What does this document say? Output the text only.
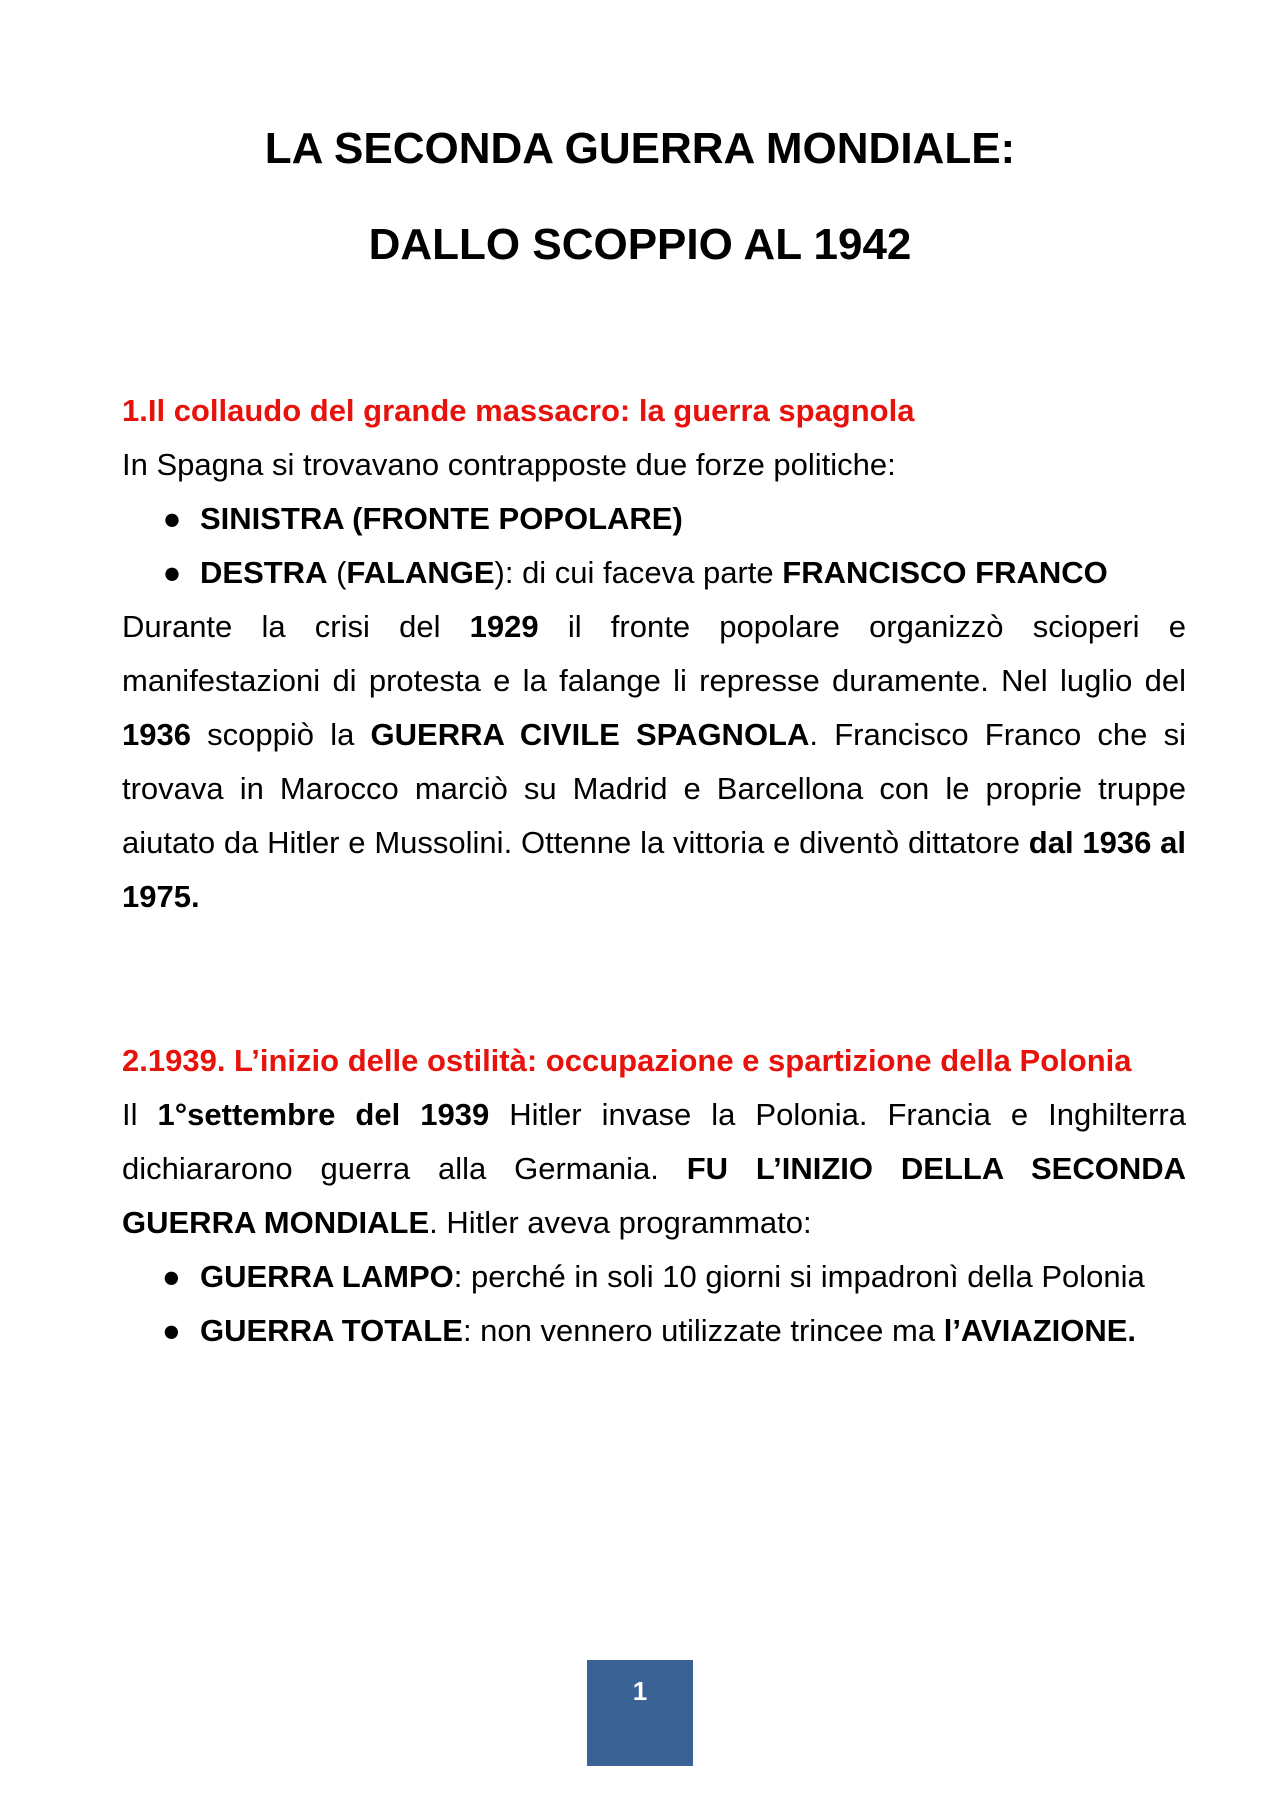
LA SECONDA GUERRA MONDIALE:
DALLO SCOPPIO AL 1942
1.Il collaudo del grande massacro: la guerra spagnola

In Spagna si trovavano contrapposte due forze politiche:

● SINISTRA (FRONTE POPOLARE)
● DESTRA (FALANGE): di cui faceva parte FRANCISCO FRANCO

Durante la crisi del 1929 il fronte popolare organizzò scioperi e manifestazioni di protesta e la falange li represse duramente. Nel luglio del 1936 scoppiò la GUERRA CIVILE SPAGNOLA. Francisco Franco che si trovava in Marocco marciò su Madrid e Barcellona con le proprie truppe aiutato da Hitler e Mussolini. Ottenne la vittoria e diventò dittatore dal 1936 al 1975.

2.1939. L’inizio delle ostilità: occupazione e spartizione della Polonia

Il 1°settembre del 1939 Hitler invase la Polonia. Francia e Inghilterra dichiararono guerra alla Germania. FU L’INIZIO DELLA SECONDA GUERRA MONDIALE. Hitler aveva programmato:

● GUERRA LAMPO: perché in soli 10 giorni si impadronì della Polonia
● GUERRA TOTALE: non vennero utilizzate trincee ma l’AVIAZIONE.
1
